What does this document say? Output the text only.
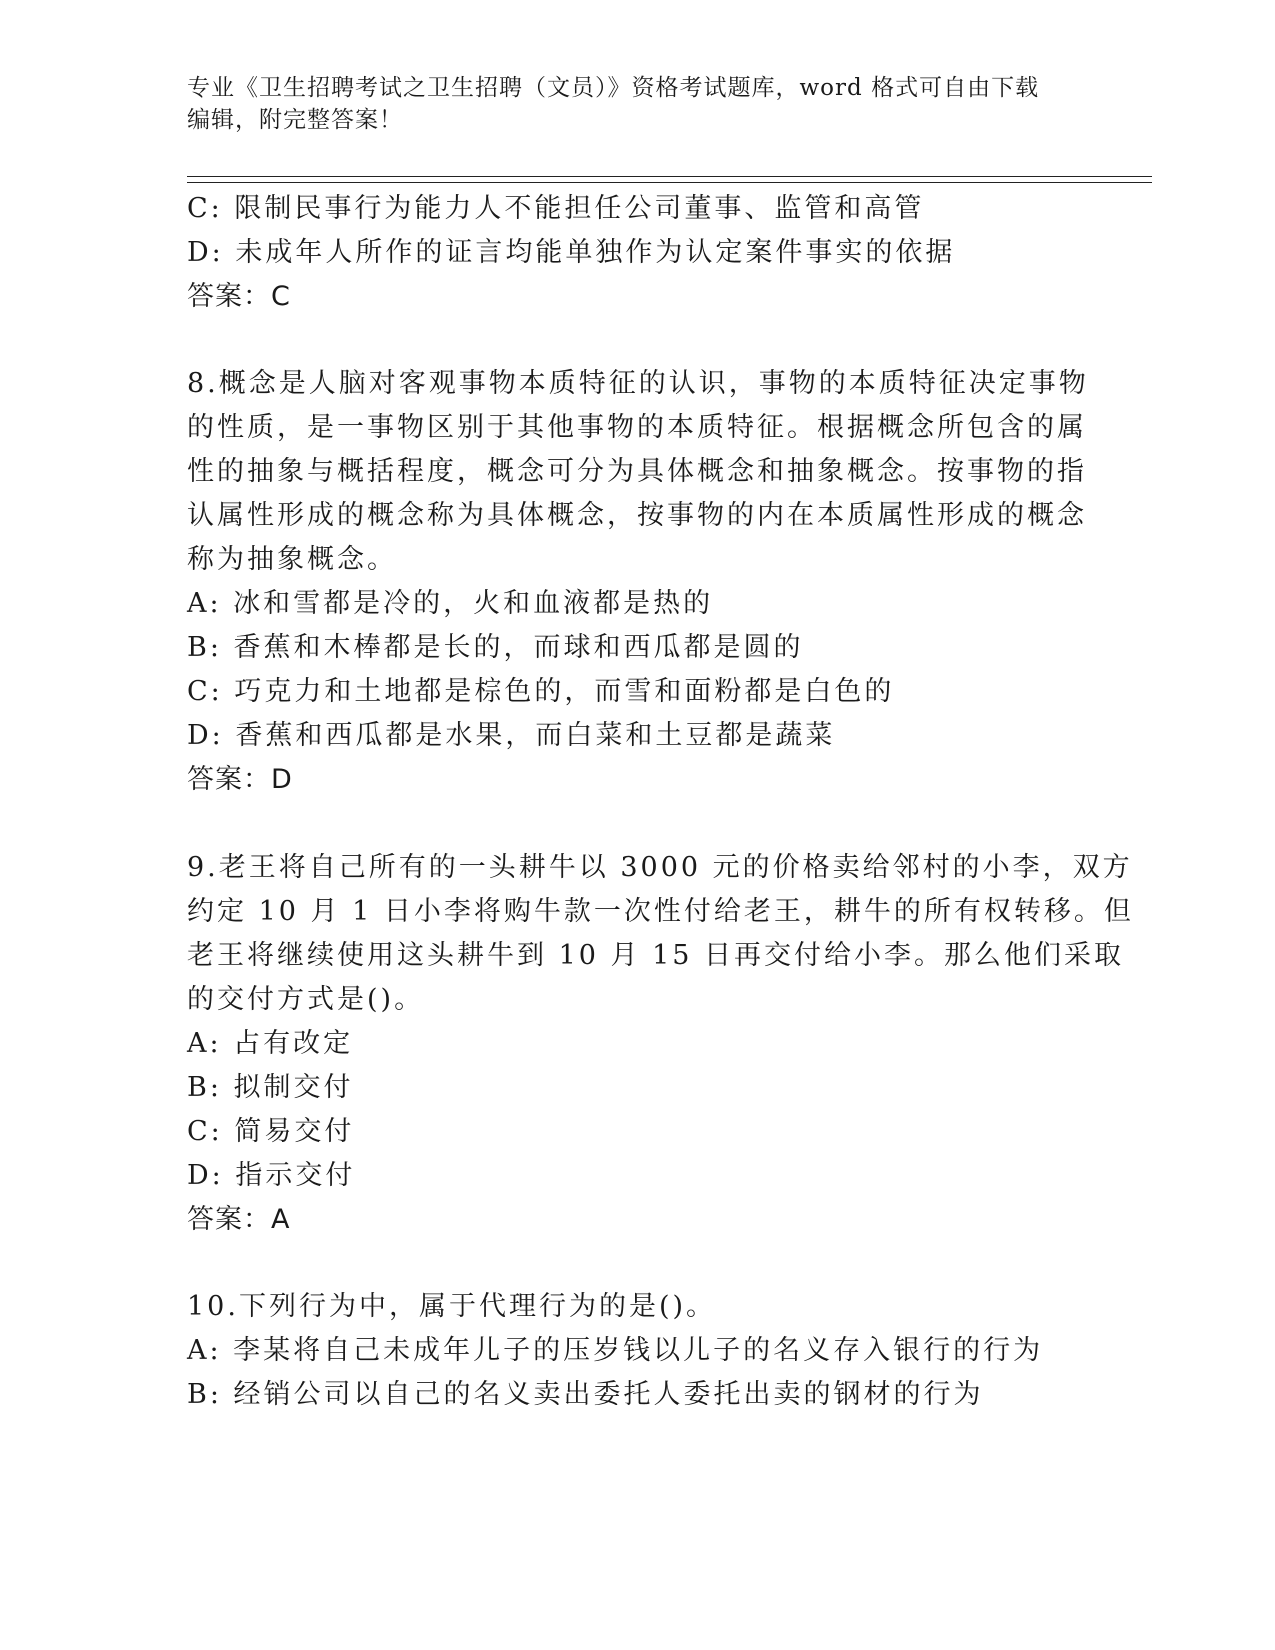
专业《卫生招聘考试之卫生招聘（文员）》资格考试题库，word 格式可自由下载
编辑，附完整答案！
C: 限制民事行为能力人不能担任公司董事、监管和高管
D: 未成年人所作的证言均能单独作为认定案件事实的依据
答案：C
8.概念是人脑对客观事物本质特征的认识，事物的本质特征决定事物
的性质，是一事物区别于其他事物的本质特征。根据概念所包含的属
性的抽象与概括程度，概念可分为具体概念和抽象概念。按事物的指
认属性形成的概念称为具体概念，按事物的内在本质属性形成的概念
称为抽象概念。
A: 冰和雪都是冷的，火和血液都是热的
B: 香蕉和木棒都是长的，而球和西瓜都是圆的
C: 巧克力和土地都是棕色的，而雪和面粉都是白色的
D: 香蕉和西瓜都是水果，而白菜和土豆都是蔬菜
答案：D
9.老王将自己所有的一头耕牛以 3000 元的价格卖给邻村的小李，双方
约定 10 月 1 日小李将购牛款一次性付给老王，耕牛的所有权转移。但
老王将继续使用这头耕牛到 10 月 15 日再交付给小李。那么他们采取
的交付方式是()。
A: 占有改定
B: 拟制交付
C: 简易交付
D: 指示交付
答案：A
10.下列行为中，属于代理行为的是()。
A: 李某将自己未成年儿子的压岁钱以儿子的名义存入银行的行为
B: 经销公司以自己的名义卖出委托人委托出卖的钢材的行为
